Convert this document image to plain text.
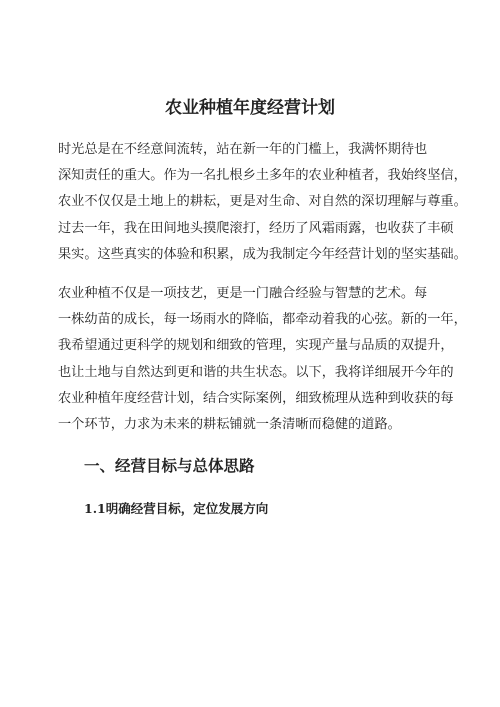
农业种植年度经营计划

时光总是在不经意间流转，站在新一年的门槛上，我满怀期待也
深知责任的重大。作为一名扎根乡土多年的农业种植者，我始终坚信，
农业不仅仅是土地上的耕耘，更是对生命、对自然的深切理解与尊重。
过去一年，我在田间地头摸爬滚打，经历了风霜雨露，也收获了丰硕
果实。这些真实的体验和积累，成为我制定今年经营计划的坚实基础。

农业种植不仅是一项技艺，更是一门融合经验与智慧的艺术。每
一株幼苗的成长，每一场雨水的降临，都牵动着我的心弦。新的一年，
我希望通过更科学的规划和细致的管理，实现产量与品质的双提升，
也让土地与自然达到更和谐的共生状态。以下，我将详细展开今年的
农业种植年度经营计划，结合实际案例，细致梳理从选种到收获的每
一个环节，力求为未来的耕耘铺就一条清晰而稳健的道路。

一、经营目标与总体思路
1.1明确经营目标，定位发展方向
